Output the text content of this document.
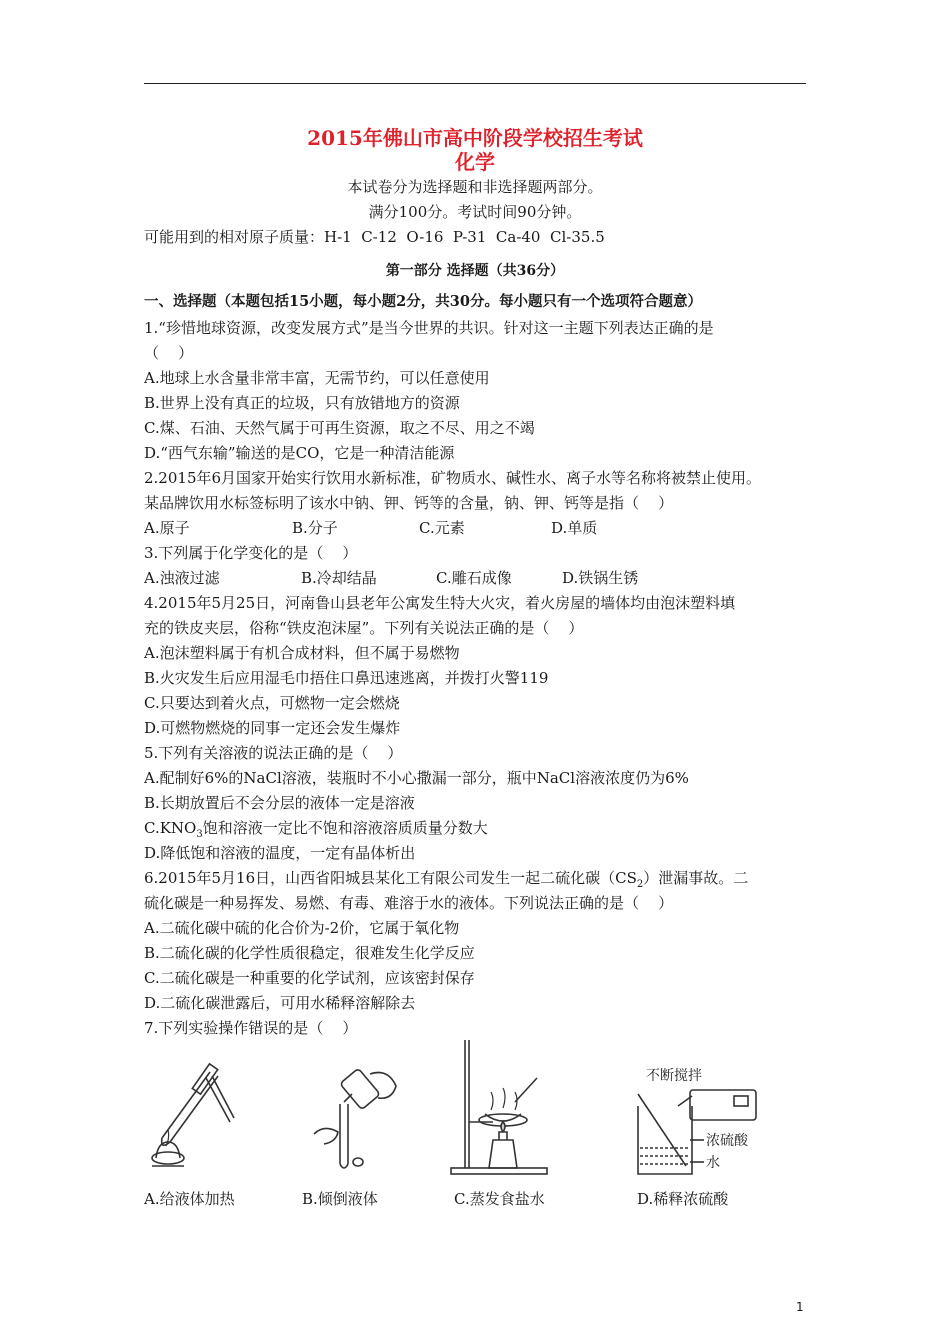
2015年佛山市高中阶段学校招生考试
化学
本试卷分为选择题和非选择题两部分。
满分100分。考试时间90分钟。
可能用到的相对原子质量：H-1  C-12  O-16  P-31  Ca-40  Cl-35.5
第一部分 选择题（共36分）
一、选择题（本题包括15小题，每小题2分，共30分。每小题只有一个选项符合题意）
1.“珍惜地球资源，改变发展方式”是当今世界的共识。针对这一主题下列表达正确的是
（    ）
A.地球上水含量非常丰富，无需节约，可以任意使用
B.世界上没有真正的垃圾，只有放错地方的资源
C.煤、石油、天然气属于可再生资源，取之不尽、用之不竭
D.“西气东输”输送的是CO，它是一种清洁能源
2.2015年6月国家开始实行饮用水新标准，矿物质水、碱性水、离子水等名称将被禁止使用。
某品牌饮用水标签标明了该水中钠、钾、钙等的含量，钠、钾、钙等是指（    ）
A.原子	B.分子	C.元素	D.单质
3.下列属于化学变化的是（    ）
A.浊液过滤	B.冷却结晶	C.雕石成像	D.铁锅生锈
4.2015年5月25日，河南鲁山县老年公寓发生特大火灾，着火房屋的墙体均由泡沫塑料填
充的铁皮夹层，俗称“铁皮泡沫屋”。下列有关说法正确的是（    ）
A.泡沫塑料属于有机合成材料，但不属于易燃物
B.火灾发生后应用湿毛巾捂住口鼻迅速逃离，并拨打火警119
C.只要达到着火点，可燃物一定会燃烧
D.可燃物燃烧的同事一定还会发生爆炸
5.下列有关溶液的说法正确的是（    ）
A.配制好6%的NaCl溶液，装瓶时不小心撒漏一部分，瓶中NaCl溶液浓度仍为6%
B.长期放置后不会分层的液体一定是溶液
$C.KNO_3$饱和溶液一定比不饱和溶液溶质质量分数大
D.降低饱和溶液的温度，一定有晶体析出
6.2015年5月16日，山西省阳城县某化工有限公司发生一起二硫化碳$(CS_2)$泄漏事故。二
硫化碳是一种易挥发、易燃、有毒、难溶于水的液体。下列说法正确的是（    ）
A.二硫化碳中硫的化合价为-2价，它属于氧化物
B.二硫化碳的化学性质很稳定，很难发生化学反应
C.二硫化碳是一种重要的化学试剂，应该密封保存
D.二硫化碳泄露后，可用水稀释溶解除去
7.下列实验操作错误的是（    ）
不断搅拌
浓硫酸
水
A.给液体加热	B.倾倒液体	C.蒸发食盐水	D.稀释浓硫酸
1
